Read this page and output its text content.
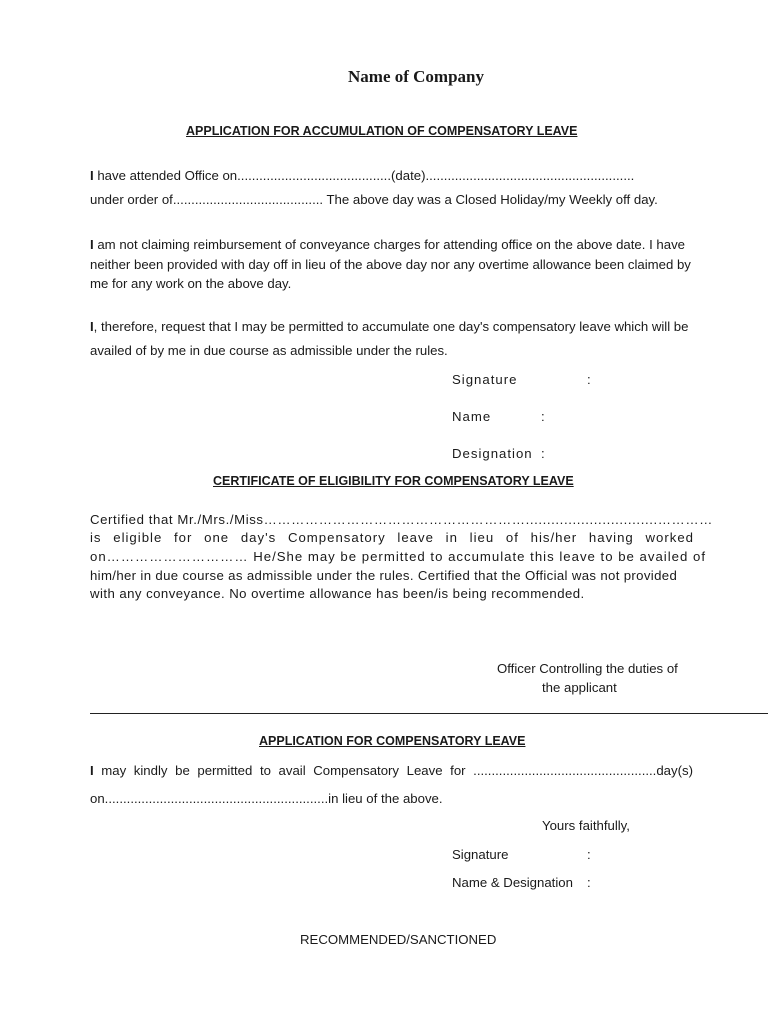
Name of Company
APPLICATION FOR ACCUMULATION OF COMPENSATORY LEAVE
I have attended Office on..........................................(date).........................................................
under order of......................................... The above day was a Closed Holiday/my Weekly off day.
I am not claiming reimbursement of conveyance charges for attending office on the above date. I have
neither been provided with day off in lieu of the above day nor any overtime allowance been claimed by
me for any work on the above day.
I, therefore, request that I may be permitted to accumulate one day's compensatory leave which will be
availed of by me in due course as admissible under the rules.
Signature	:
Name	:
Designation :
CERTIFICATE OF ELIGIBILITY FOR COMPENSATORY LEAVE
Certified that Mr./Mrs./Miss…………………………………………………...............................…………
is eligible for one day's Compensatory leave in lieu of his/her having worked
on………………………… He/She may be permitted to accumulate this leave to be availed of
him/her in due course as admissible under the rules. Certified that the Official was not provided
with any conveyance. No overtime allowance has been/is being recommended.
Officer Controlling the duties of
the applicant
APPLICATION FOR COMPENSATORY LEAVE
I may kindly be permitted to avail Compensatory Leave for ..................................................day(s)
on.............................................................in lieu of the above.
Yours faithfully,
Signature	:
Name & Designation :
RECOMMENDED/SANCTIONED
